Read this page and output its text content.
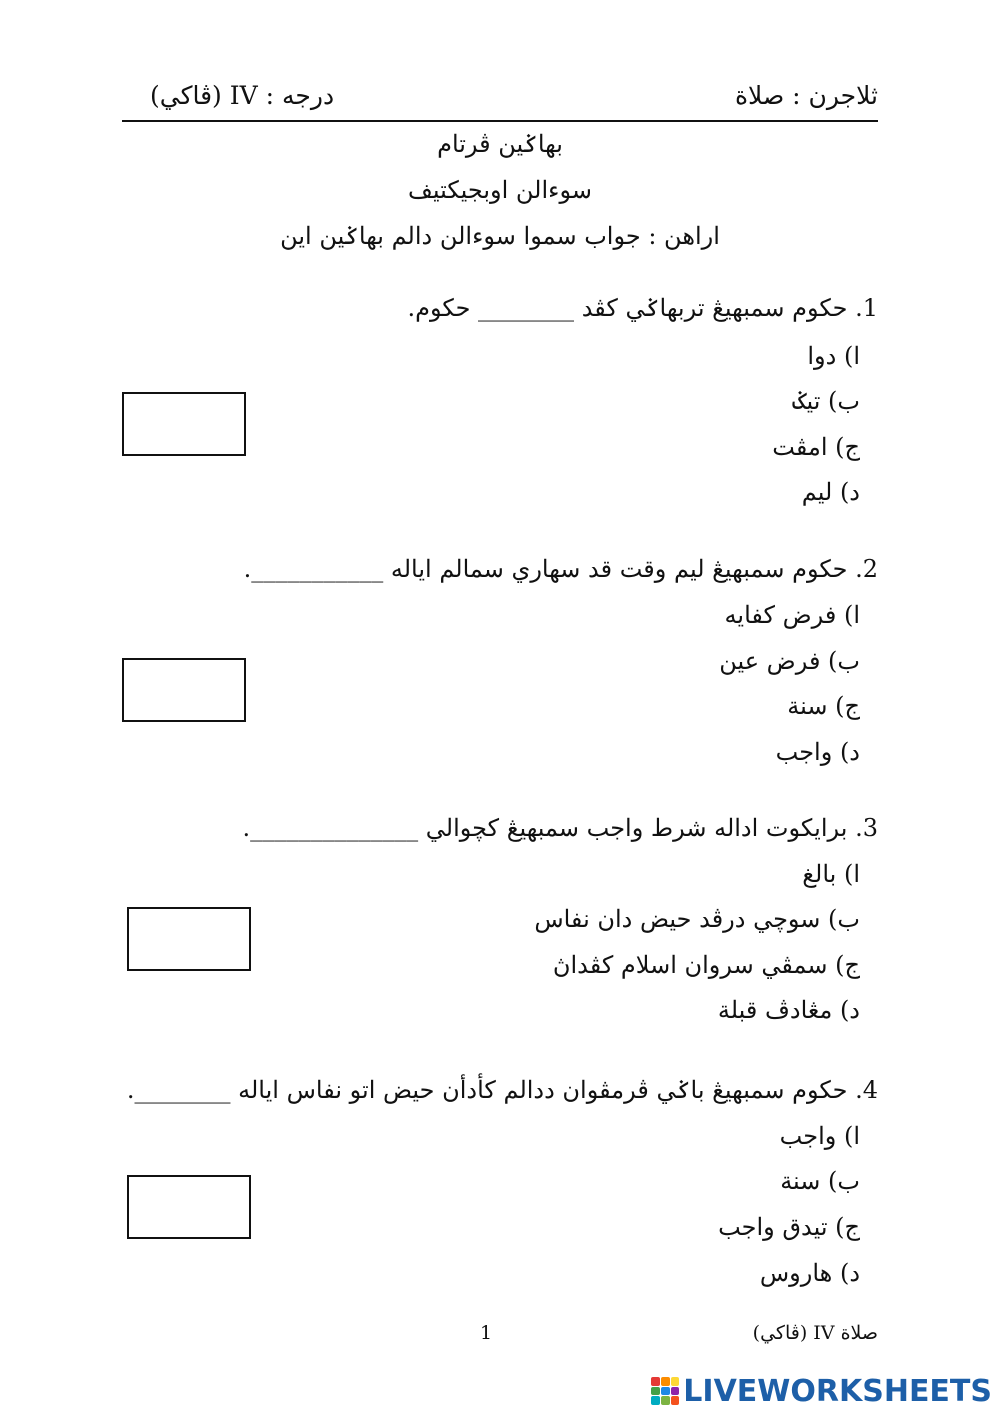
ثلاجرن : صلاة
درجه : IV (ڤاکي)
بهاݢين ڤرتام
سوءالن اوبجيکتيف
اراهن : جواب سموا سوءالن دالم بهاݢين اين
1. حکوم سمبهيڠ تربهاݢي کڤد ________ حکوم.
ا) دوا
ب) تيݢ
ج) امڤت
د) ليم
2. حکوم سمبهيڠ ليم وقت قد سهاري سمالم اياله ___________.
ا) فرض کفايه
ب) فرض عين
ج) سنة
د) واجب
3. برايکوت اداله شرط واجب سمبهيڠ کچوالي ______________.
ا) بالغ
ب) سوچي درڤد حيض دان نفاس
ج) سمڤي سروان اسلام کڤداڽ
د) مڠادڤ قبلة
4. حکوم سمبهيڠ باݢي ڤرمڤوان ددالم کأدأن حيض اتو نفاس اياله ________.
ا) واجب
ب) سنة
ج) تيدق واجب
د) هاروس
1	صلاة IV (ڤاکي)
LIVEWORKSHEETS
